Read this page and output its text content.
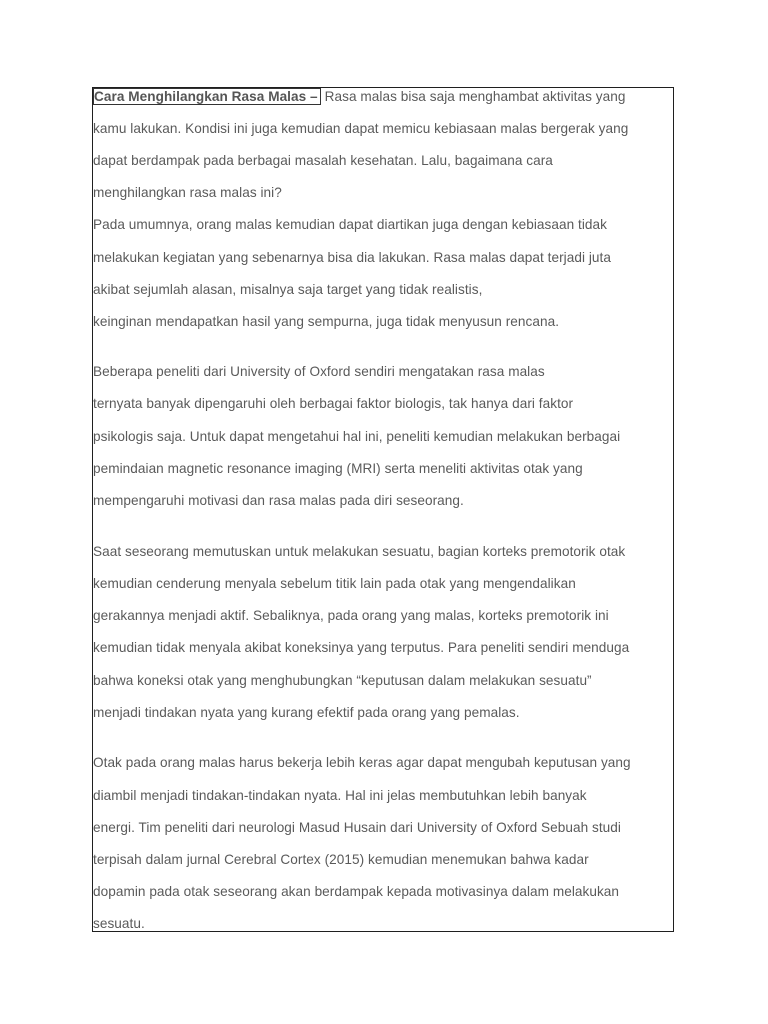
Cara Menghilangkan Rasa Malas – Rasa malas bisa saja menghambat aktivitas yang
kamu lakukan. Kondisi ini juga kemudian dapat memicu kebiasaan malas bergerak yang
dapat berdampak pada berbagai masalah kesehatan. Lalu, bagaimana cara
menghilangkan rasa malas ini?
Pada umumnya, orang malas kemudian dapat diartikan juga dengan kebiasaan tidak
melakukan kegiatan yang sebenarnya bisa dia lakukan. Rasa malas dapat terjadi juta
akibat sejumlah alasan, misalnya saja target yang tidak realistis,
keinginan mendapatkan hasil yang sempurna, juga tidak menyusun rencana.
Beberapa peneliti dari University of Oxford sendiri mengatakan rasa malas
ternyata banyak dipengaruhi oleh berbagai faktor biologis, tak hanya dari faktor
psikologis saja. Untuk dapat mengetahui hal ini, peneliti kemudian melakukan berbagai
pemindaian magnetic resonance imaging (MRI) serta meneliti aktivitas otak yang
mempengaruhi motivasi dan rasa malas pada diri seseorang.
Saat seseorang memutuskan untuk melakukan sesuatu, bagian korteks premotorik otak
kemudian cenderung menyala sebelum titik lain pada otak yang mengendalikan
gerakannya menjadi aktif. Sebaliknya, pada orang yang malas, korteks premotorik ini
kemudian tidak menyala akibat koneksinya yang terputus. Para peneliti sendiri menduga
bahwa koneksi otak yang menghubungkan “keputusan dalam melakukan sesuatu”
menjadi tindakan nyata yang kurang efektif pada orang yang pemalas.
Otak pada orang malas harus bekerja lebih keras agar dapat mengubah keputusan yang
diambil menjadi tindakan-tindakan nyata. Hal ini jelas membutuhkan lebih banyak
energi. Tim peneliti dari neurologi Masud Husain dari University of Oxford Sebuah studi
terpisah dalam jurnal Cerebral Cortex (2015) kemudian menemukan bahwa kadar
dopamin pada otak seseorang akan berdampak kepada motivasinya dalam melakukan
sesuatu.
